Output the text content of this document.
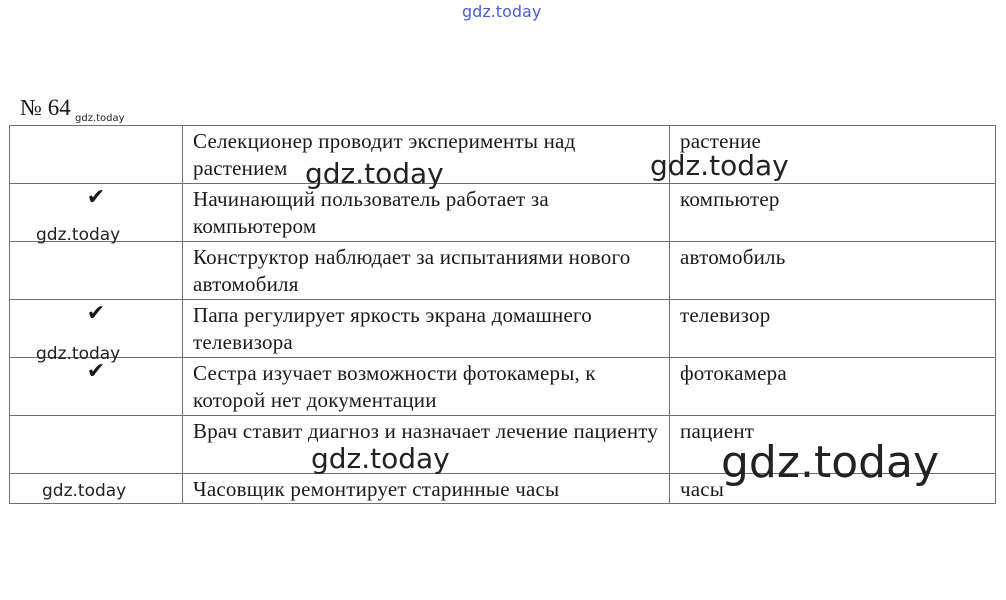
gdz.today
№ 64 gdz.today

	Селекционер проводит эксперименты над растением	растение

✔	Начинающий пользователь работает за компьютером	компьютер

	Конструктор наблюдает за испытаниями нового автомобиля	автомобиль

✔	Папа регулирует яркость экрана домашнего телевизора	телевизор

✔	Сестра изучает возможности фотокамеры, к которой нет документации	фотокамера

	Врач ставит диагноз и назначает лечение пациенту	пациент

	Часовщик ремонтирует старинные часы	часы
gdz.today	gdz.today
gdz.today
gdz.today
gdz.today	gdz.today
gdz.today
